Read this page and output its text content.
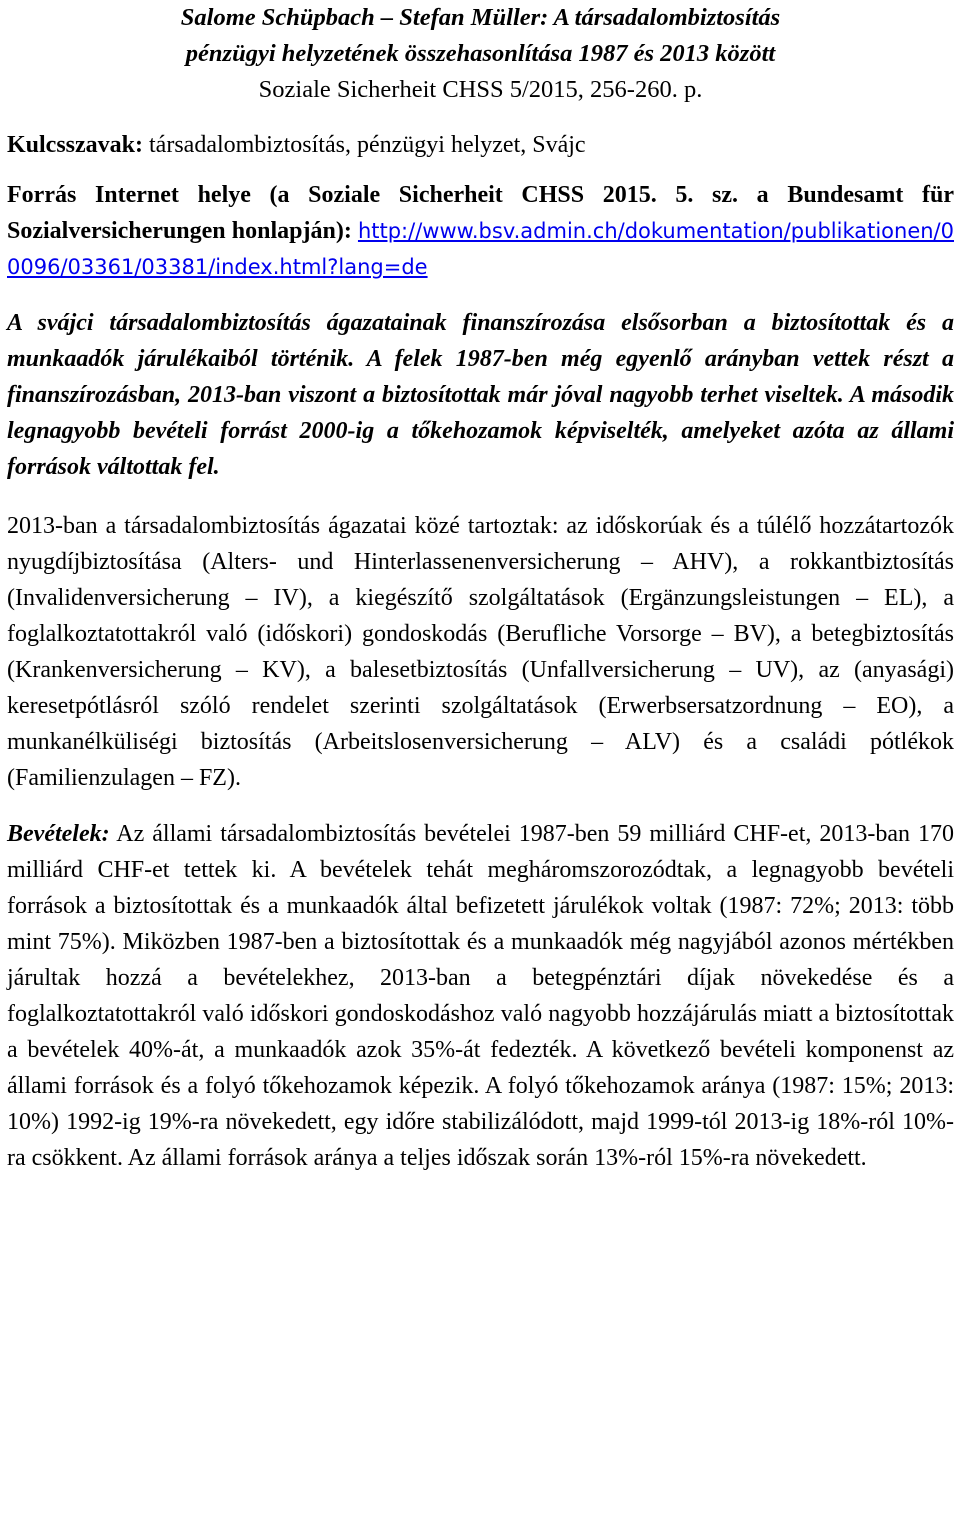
Salome Schüpbach – Stefan Müller: A társadalombiztosítás
pénzügyi helyzetének összehasonlítása 1987 és 2013 között
Soziale Sicherheit CHSS 5/2015, 256-260. p.

Kulcsszavak: társadalombiztosítás, pénzügyi helyzet, Svájc

Forrás Internet helye (a Soziale Sicherheit CHSS 2015. 5. sz. a Bundesamt für Sozialversicherungen honlapján): http://www.bsv.admin.ch/dokumentation/publikationen/00096/03361/03381/index.html?lang=de

A svájci társadalombiztosítás ágazatainak finanszírozása elsősorban a biztosítottak és a munkaadók járulékaiból történik. A felek 1987-ben még egyenlő arányban vettek részt a finanszírozásban, 2013-ban viszont a biztosítottak már jóval nagyobb terhet viseltek. A második legnagyobb bevételi forrást 2000-ig a tőkehozamok képviselték, amelyeket azóta az állami források váltottak fel.

2013-ban a társadalombiztosítás ágazatai közé tartoztak: az időskorúak és a túlélő hozzátartozók nyugdíjbiztosítása (Alters- und Hinterlassenenversicherung – AHV), a rokkantbiztosítás (Invalidenversicherung – IV), a kiegészítő szolgáltatások (Ergänzungsleistungen – EL), a foglalkoztatottakról való (időskori) gondoskodás (Berufliche Vorsorge – BV), a betegbiztosítás (Krankenversicherung – KV), a balesetbiztosítás (Unfallversicherung – UV), az (anyasági) keresetpótlásról szóló rendelet szerinti szolgáltatások (Erwerbsersatzordnung – EO), a munkanélküliségi biztosítás (Arbeitslosenversicherung – ALV) és a családi pótlékok (Familienzulagen – FZ).

Bevételek: Az állami társadalombiztosítás bevételei 1987-ben 59 milliárd CHF-et, 2013-ban 170 milliárd CHF-et tettek ki. A bevételek tehát megháromszorozódtak, a legnagyobb bevételi források a biztosítottak és a munkaadók által befizetett járulékok voltak (1987: 72%; 2013: több mint 75%). Miközben 1987-ben a biztosítottak és a munkaadók még nagyjából azonos mértékben járultak hozzá a bevételekhez, 2013-ban a betegpénztári díjak növekedése és a foglalkoztatottakról való időskori gondoskodáshoz való nagyobb hozzájárulás miatt a biztosítottak a bevételek 40%-át, a munkaadók azok 35%-át fedezték. A következő bevételi komponenst az állami források és a folyó tőkehozamok képezik. A folyó tőkehozamok aránya (1987: 15%; 2013: 10%) 1992-ig 19%-ra növekedett, egy időre stabilizálódott, majd 1999-tól 2013-ig 18%-ról 10%-ra csökkent. Az állami források aránya a teljes időszak során 13%-ról 15%-ra növekedett.
